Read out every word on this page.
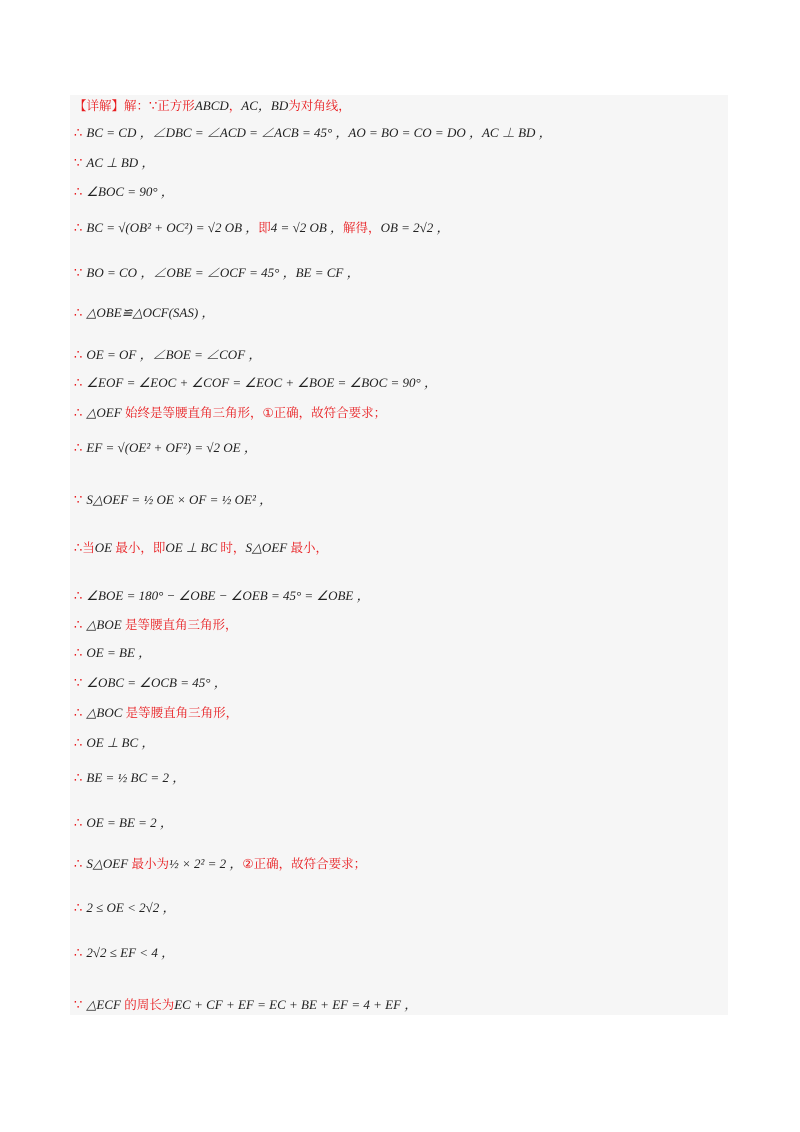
【详解】解：∵正方形ABCD，AC，BD为对角线，
∴ BC = CD ，∠DBC = ∠ACD = ∠ACB = 45° ，AO = BO = CO = DO ，AC ⊥ BD ，
∵ AC ⊥ BD ，
∴ ∠BOC = 90° ，
∴ BC = √(OB² + OC²) = √2 OB ，即4 = √2 OB ，解得，OB = 2√2 ，
∵ BO = CO ，∠OBE = ∠OCF = 45° ，BE = CF ，
∴ △OBE≌△OCF(SAS) ，
∴ OE = OF ，∠BOE = ∠COF ，
∴ ∠EOF = ∠EOC + ∠COF = ∠EOC + ∠BOE = ∠BOC = 90° ，
∴ △OEF 始终是等腰直角三角形，①正确，故符合要求；
∴ EF = √(OE² + OF²) = √2 OE ，
∵ S△OEF = ½ OE × OF = ½ OE² ，
∴当OE 最小，即OE ⊥ BC 时，S△OEF 最小，
∴ ∠BOE = 180° − ∠OBE − ∠OEB = 45° = ∠OBE ，
∴ △BOE 是等腰直角三角形，
∴ OE = BE ，
∵ ∠OBC = ∠OCB = 45° ，
∴ △BOC 是等腰直角三角形，
∴ OE ⊥ BC ，
∴ BE = ½ BC = 2 ，
∴ OE = BE = 2 ，
∴ S△OEF 最小为½ × 2² = 2 ，②正确，故符合要求；
∴ 2 ≤ OE < 2√2 ，
∴ 2√2 ≤ EF < 4 ，
∵ △ECF 的周长为EC + CF + EF = EC + BE + EF = 4 + EF ，
